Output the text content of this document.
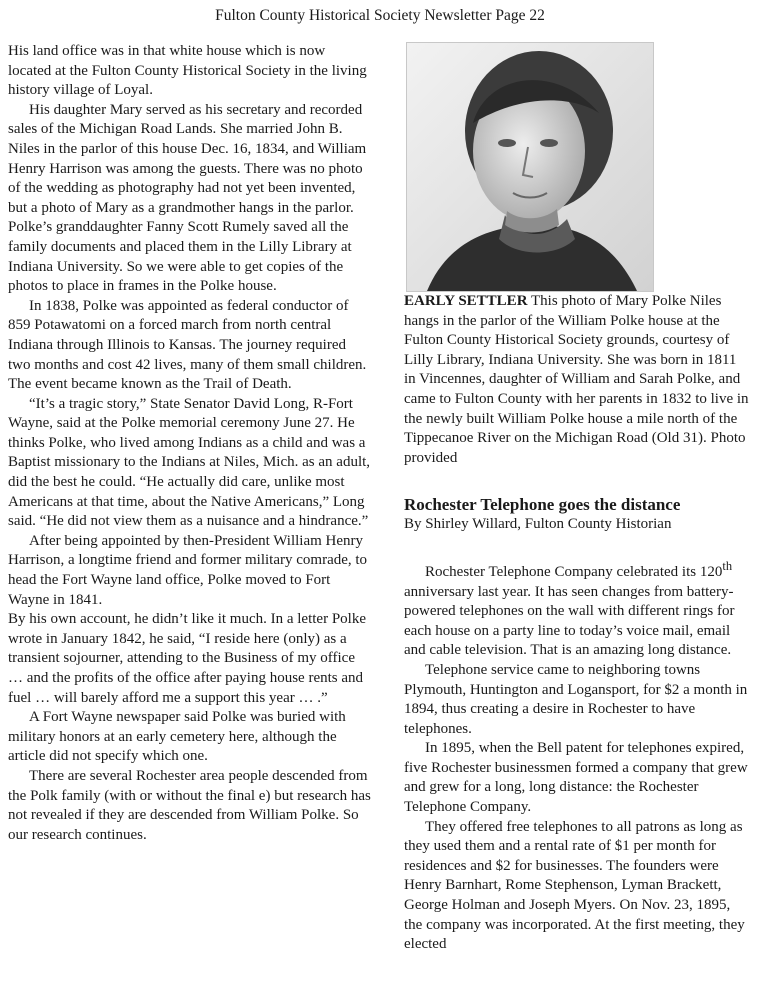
Fulton County Historical Society Newsletter Page 22

His land office was in that white house which is now located at the Fulton County Historical Society in the living history village of Loyal.

His daughter Mary served as his secretary and recorded sales of the Michigan Road Lands. She married John B. Niles in the parlor of this house Dec. 16, 1834, and William Henry Harrison was among the guests. There was no photo of the wedding as photography had not yet been invented, but a photo of Mary as a grandmother hangs in the parlor. Polke’s granddaughter Fanny Scott Rumely saved all the family documents and placed them in the Lilly Library at Indiana University. So we were able to get copies of the photos to place in frames in the Polke house.

In 1838, Polke was appointed as federal conductor of 859 Potawatomi on a forced march from north central Indiana through Illinois to Kansas. The journey required two months and cost 42 lives, many of them small children. The event became known as the Trail of Death.

“It’s a tragic story,” State Senator David Long, R-Fort Wayne, said at the Polke memorial ceremony June 27. He thinks Polke, who lived among Indians as a child and was a Baptist missionary to the Indians at Niles, Mich. as an adult, did the best he could. “He actually did care, unlike most Americans at that time, about the Native Americans,” Long said. “He did not view them as a nuisance and a hindrance.”

After being appointed by then-President William Henry Harrison, a longtime friend and former military comrade, to head the Fort Wayne land office, Polke moved to Fort Wayne in 1841.

By his own account, he didn’t like it much. In a letter Polke wrote in January 1842, he said, “I reside here (only) as a transient sojourner, attending to the Business of my office … and the profits of the office after paying house rents and fuel … will barely afford me a support this year … .”

A Fort Wayne newspaper said Polke was buried with military honors at an early cemetery here, although the article did not specify which one.

There are several Rochester area people descended from the Polk family (with or without the final e) but research has not revealed if they are descended from William Polke. So our research continues.

EARLY SETTLER This photo of Mary Polke Niles hangs in the parlor of the William Polke house at the Fulton County Historical Society grounds, courtesy of Lilly Library, Indiana University. She was born in 1811 in Vincennes, daughter of William and Sarah Polke, and came to Fulton County with her parents in 1832 to live in the newly built William Polke house a mile north of the Tippecanoe River on the Michigan Road (Old 31). Photo provided

Rochester Telephone goes the distance
By Shirley Willard, Fulton County Historian

Rochester Telephone Company celebrated its 120th anniversary last year. It has seen changes from battery-powered telephones on the wall with different rings for each house on a party line to today’s voice mail, email and cable television. That is an amazing long distance.

Telephone service came to neighboring towns Plymouth, Huntington and Logansport, for $2 a month in 1894, thus creating a desire in Rochester to have telephones.

In 1895, when the Bell patent for telephones expired, five Rochester businessmen formed a company that grew and grew for a long, long distance: the Rochester Telephone Company.

They offered free telephones to all patrons as long as they used them and a rental rate of $1 per month for residences and $2 for businesses. The founders were Henry Barnhart, Rome Stephenson, Lyman Brackett, George Holman and Joseph Myers. On Nov. 23, 1895, the company was incorporated. At the first meeting, they elected
